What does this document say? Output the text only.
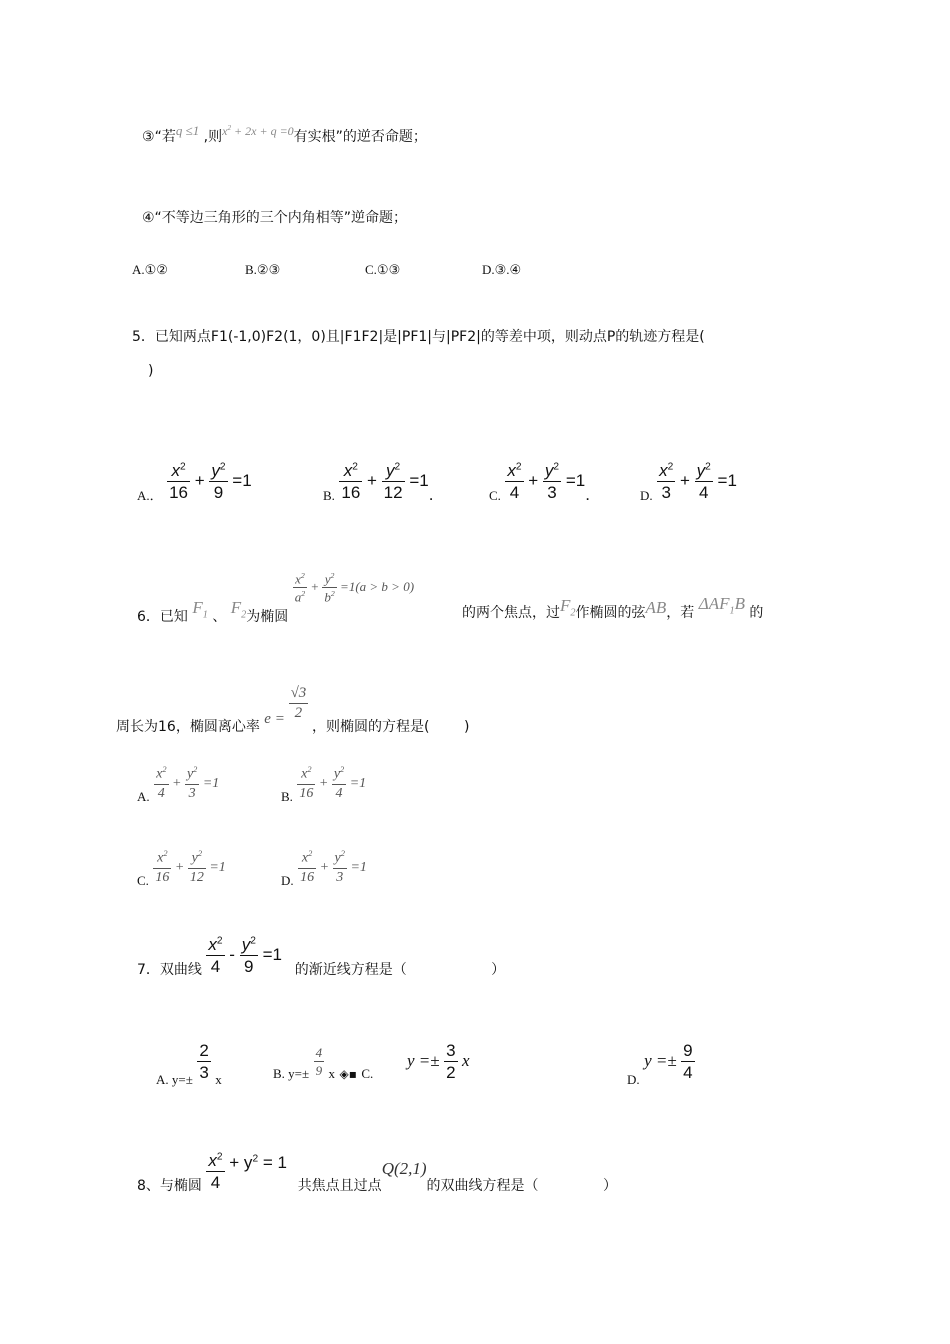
③“若q ≤1 ,则$x^2 + 2x + q =0$有实根”的逆否命题；
④“不等边三角形的三个内角相等”逆命题；
A.①②	B.②③	C.①③	D.③.④
5．已知两点F1(-1,0)F2(1，0)且|F1F2|是|PF1|与|PF2|的等差中项，则动点P的轨迹方程是(
)
A.． $\frac{x^2}{16} + \frac{y^2}{9} =1$
B. $\frac{x^2}{16} + \frac{y^2}{12} =1$.	C. $\frac{x^2}{4} + \frac{y^2}{3} =1$.	D. $\frac{x^2}{3} + \frac{y^2}{4} =1$
6．已知 $F_1$ 、 $F_2$为椭圆
$\frac{x^2}{a^2} + \frac{y^2}{b^2} =1(a > b > 0)$
的两个焦点，过$F_2$作椭圆的弦AB，若 $\Delta AF_1B$ 的
周长为16，椭圆离心率 $e = \frac{√3}{2}$
，则椭圆的方程是( )
A. $\frac{x^2}{4} + \frac{y^2}{3} =1$
B. $\frac{x^2}{16} + \frac{y^2}{4} =1$
C. $\frac{x^2}{16} + \frac{y^2}{12} =1$
D. $\frac{x^2}{16} + \frac{y^2}{3} =1$
7．双曲线 $\frac{x^2}{4} - \frac{y^2}{9} =1$ 的渐近线方程是（	）
A. $y=\pm \frac{2}{3}$ x	B. $y=\pm \frac{4}{9}$ x ◈▪ C.
$y =\pm \frac{3}{2}$ x
D. $y =\pm \frac{9}{4}$
8、与椭圆 $\frac{x^2}{4} + y^2 = 1$ 共焦点且过点Q(2,1)的双曲线方程是（	）
